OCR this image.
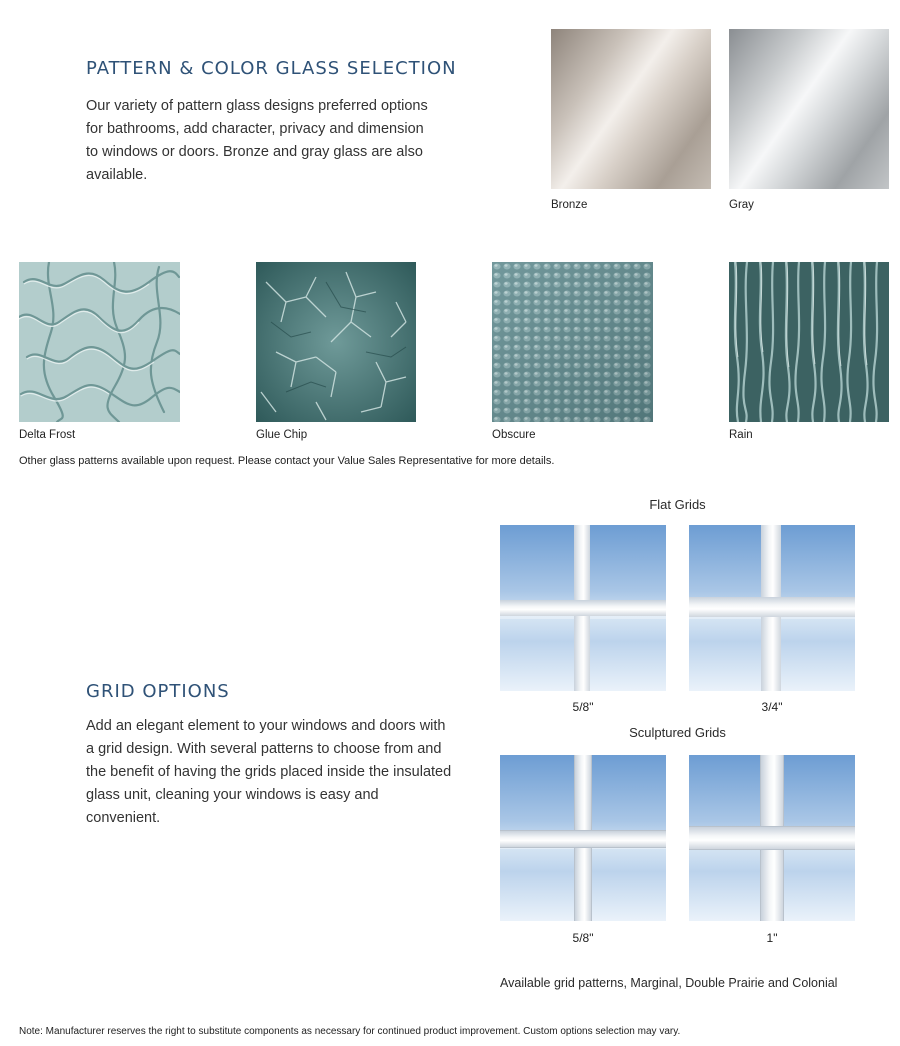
PATTERN & COLOR GLASS SELECTION
Our variety of pattern glass designs preferred options
for bathrooms, add character, privacy and dimension
to windows or doors. Bronze and gray glass are also
available.
Bronze	Gray
Delta Frost	Glue Chip	Obscure	Rain
Other glass patterns available upon request. Please contact your Value Sales Representative for more details.
GRID OPTIONS
Add an elegant element to your windows and doors with
a grid design. With several patterns to choose from and
the benefit of having the grids placed inside the insulated
glass unit, cleaning your windows is easy and convenient.
Flat Grids
5/8"	3/4"
Sculptured Grids
5/8"	1"
Available grid patterns, Marginal, Double Prairie and Colonial
Note: Manufacturer reserves the right to substitute components as necessary for continued product improvement. Custom options selection may vary.
